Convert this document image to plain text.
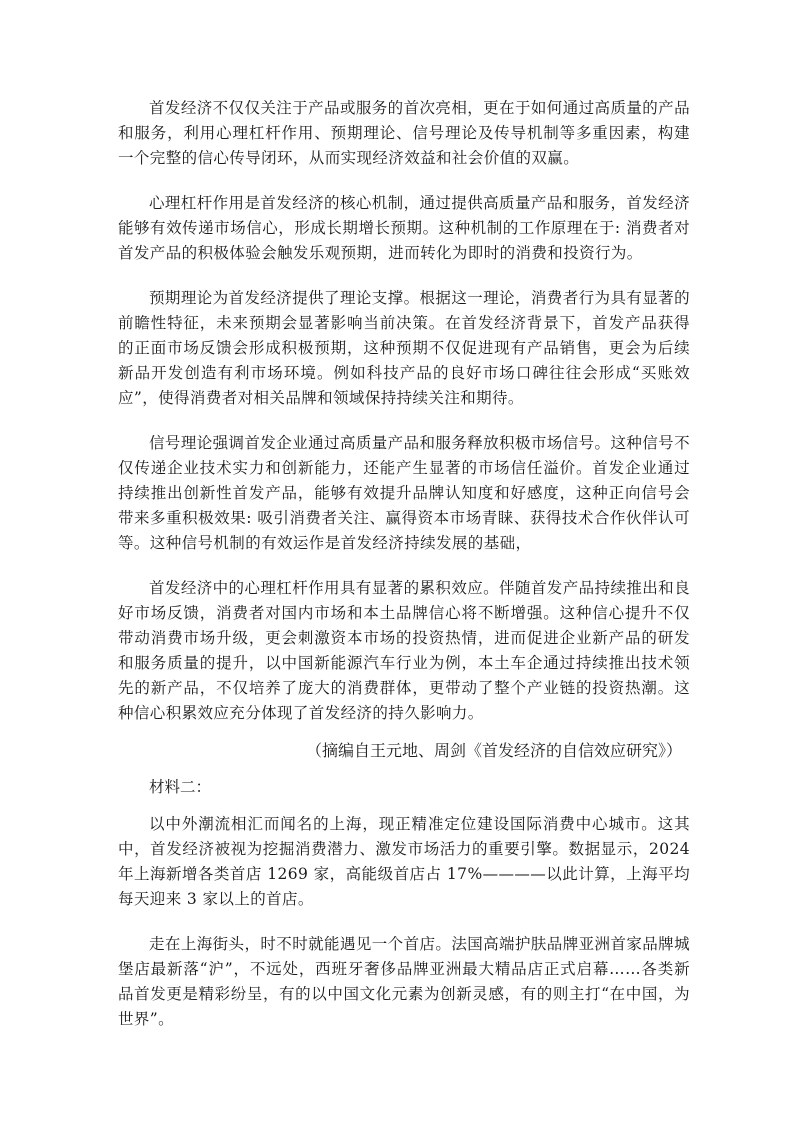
首发经济不仅仅关注于产品或服务的首次亮相，更在于如何通过高质量的产品和服务，利用心理杠杆作用、预期理论、信号理论及传导机制等多重因素，构建一个完整的信心传导闭环，从而实现经济效益和社会价值的双赢。

心理杠杆作用是首发经济的核心机制，通过提供高质量产品和服务，首发经济能够有效传递市场信心，形成长期增长预期。这种机制的工作原理在于: 消费者对首发产品的积极体验会触发乐观预期，进而转化为即时的消费和投资行为。

预期理论为首发经济提供了理论支撑。根据这一理论，消费者行为具有显著的前瞻性特征，未来预期会显著影响当前决策。在首发经济背景下，首发产品获得的正面市场反馈会形成积极预期，这种预期不仅促进现有产品销售，更会为后续新品开发创造有利市场环境。例如科技产品的良好市场口碑往往会形成“买账效应”，使得消费者对相关品牌和领域保持持续关注和期待。

信号理论强调首发企业通过高质量产品和服务释放积极市场信号。这种信号不仅传递企业技术实力和创新能力，还能产生显著的市场信任溢价。首发企业通过持续推出创新性首发产品，能够有效提升品牌认知度和好感度，这种正向信号会带来多重积极效果: 吸引消费者关注、赢得资本市场青睐、获得技术合作伙伴认可等。这种信号机制的有效运作是首发经济持续发展的基础，

首发经济中的心理杠杆作用具有显著的累积效应。伴随首发产品持续推出和良好市场反馈，消费者对国内市场和本土品牌信心将不断增强。这种信心提升不仅带动消费市场升级，更会刺激资本市场的投资热情，进而促进企业新产品的研发和服务质量的提升，以中国新能源汽车行业为例，本土车企通过持续推出技术领先的新产品，不仅培养了庞大的消费群体，更带动了整个产业链的投资热潮。这种信心积累效应充分体现了首发经济的持久影响力。

（摘编自王元地、周剑《首发经济的自信效应研究》）

材料二：

以中外潮流相汇而闻名的上海，现正精准定位建设国际消费中心城市。这其中，首发经济被视为挖掘消费潜力、激发市场活力的重要引擎。数据显示，2024年上海新增各类首店 1269 家，高能级首店占 17%————以此计算，上海平均每天迎来 3 家以上的首店。

走在上海街头，时不时就能遇见一个首店。法国高端护肤品牌亚洲首家品牌城堡店最新落“沪”，不远处，西班牙奢侈品牌亚洲最大精品店正式启幕……各类新品首发更是精彩纷呈，有的以中国文化元素为创新灵感，有的则主打“在中国，为世界”。
